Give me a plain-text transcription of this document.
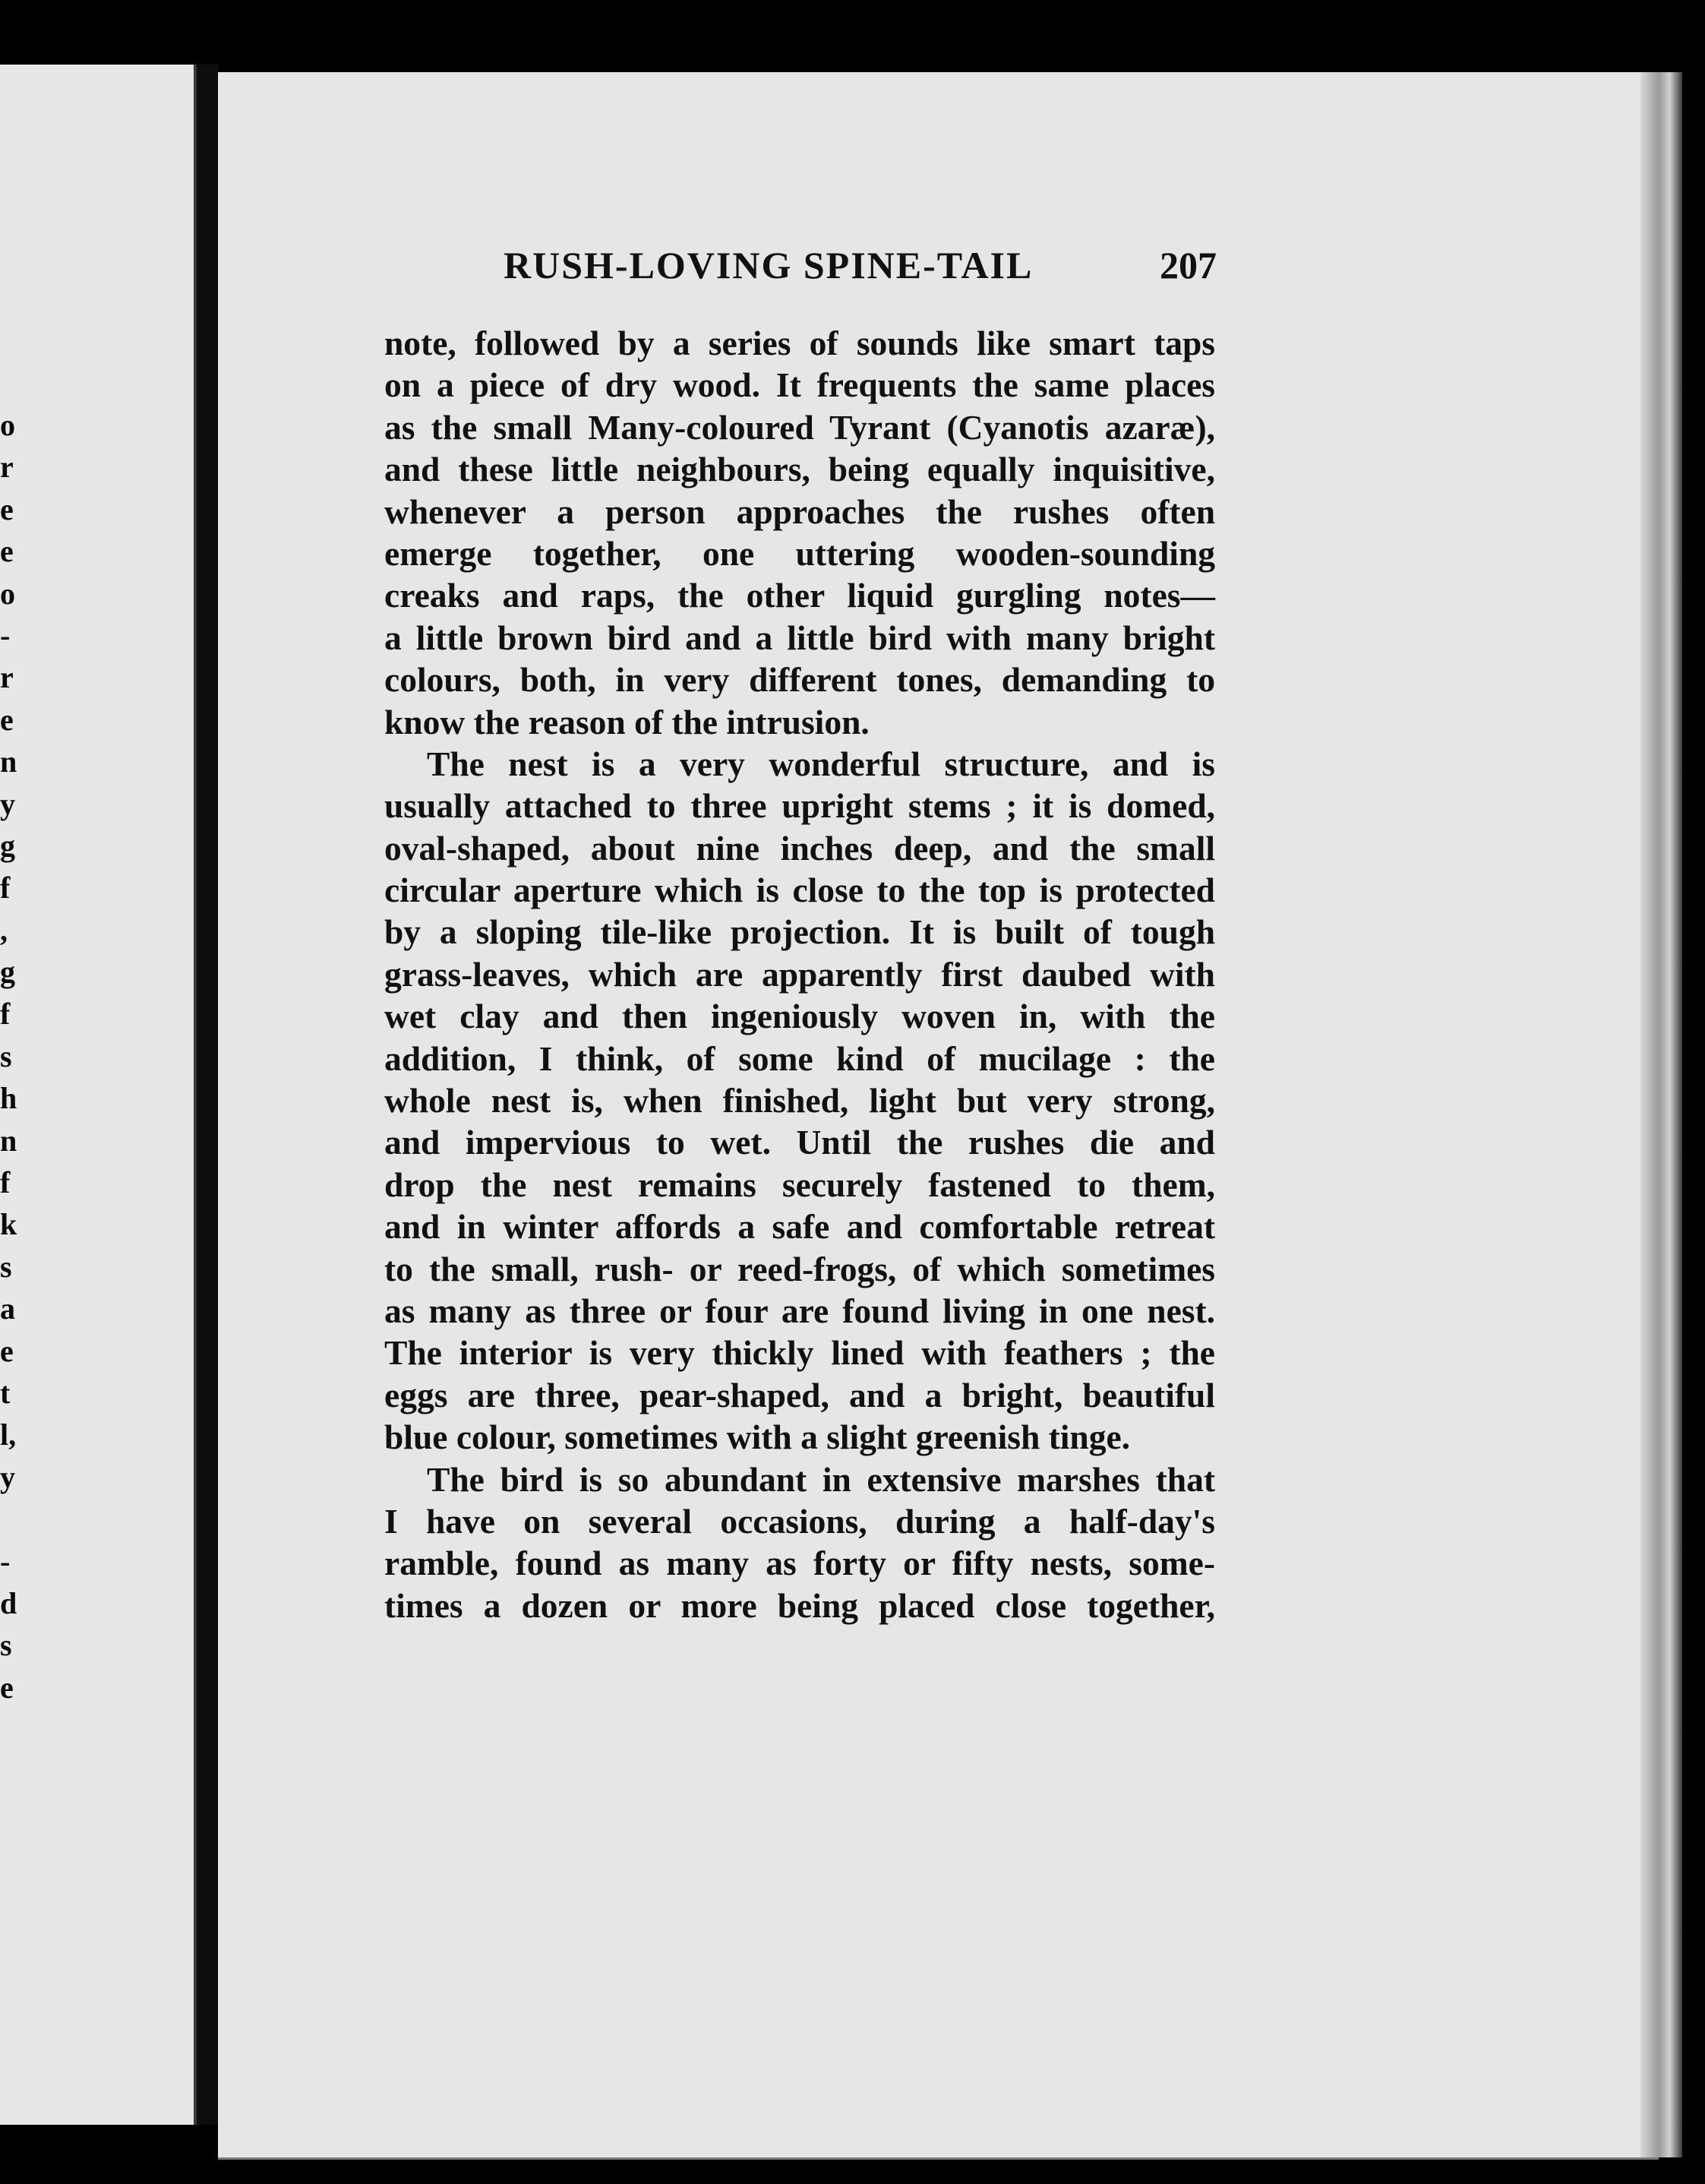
o
r
e
e
o
-
r
e
n
y
g
f
,
g
f
s
h
n
f
k
s
a
e
t
l,
y
-
d
s
e
RUSH-LOVING SPINE-TAIL	207
note, followed by a series of sounds like smart taps
on a piece of dry wood. It frequents the same places
as the small Many-coloured Tyrant (Cyanotis azaræ),
and these little neighbours, being equally inquisitive,
whenever a person approaches the rushes often
emerge together, one uttering wooden-sounding
creaks and raps, the other liquid gurgling notes—
a little brown bird and a little bird with many bright
colours, both, in very different tones, demanding to
know the reason of the intrusion.
The nest is a very wonderful structure, and is
usually attached to three upright stems ; it is domed,
oval-shaped, about nine inches deep, and the small
circular aperture which is close to the top is protected
by a sloping tile-like projection. It is built of tough
grass-leaves, which are apparently first daubed with
wet clay and then ingeniously woven in, with the
addition, I think, of some kind of mucilage : the
whole nest is, when finished, light but very strong,
and impervious to wet. Until the rushes die and
drop the nest remains securely fastened to them,
and in winter affords a safe and comfortable retreat
to the small, rush- or reed-frogs, of which sometimes
as many as three or four are found living in one nest.
The interior is very thickly lined with feathers ; the
eggs are three, pear-shaped, and a bright, beautiful
blue colour, sometimes with a slight greenish tinge.
The bird is so abundant in extensive marshes that
I have on several occasions, during a half-day's
ramble, found as many as forty or fifty nests, some-
times a dozen or more being placed close together,
